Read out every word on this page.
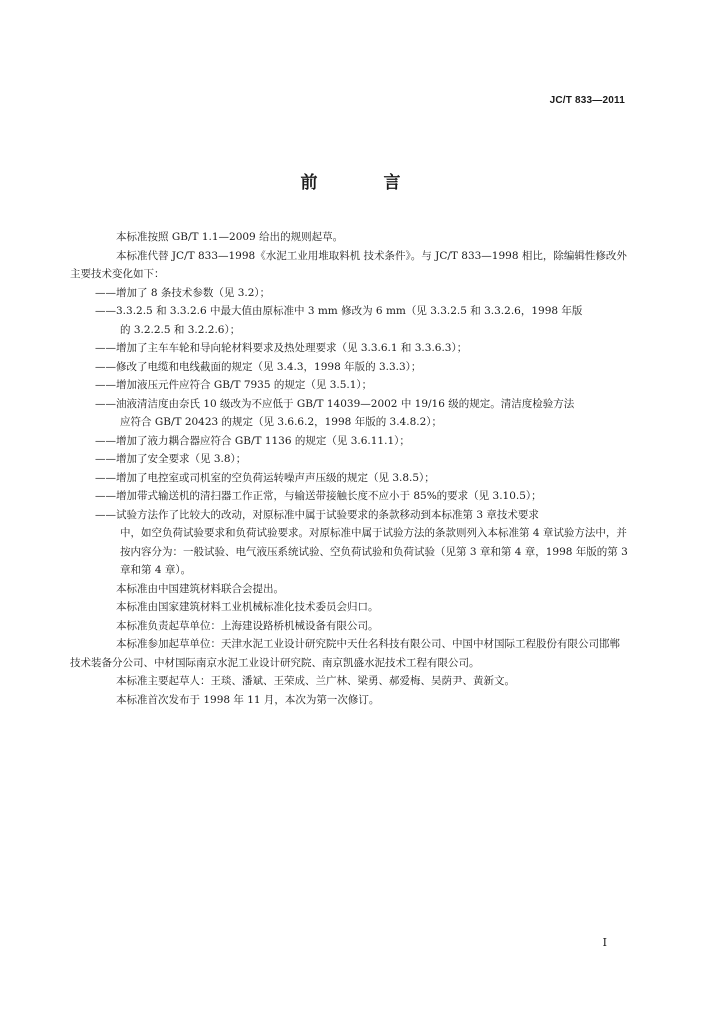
JC/T 833—2011
前 言

本标准按照 GB/T 1.1—2009 给出的规则起草。

本标准代替 JC/T 833—1998《水泥工业用堆取料机 技术条件》。与 JC/T 833—1998 相比，除编辑性修改外主要技术变化如下：

——增加了 8 条技术参数（见 3.2）；
——3.3.2.5 和 3.3.2.6 中最大值由原标准中 3 mm 修改为 6 mm（见 3.3.2.5 和 3.3.2.6，1998 年版
的 3.2.2.5 和 3.2.2.6）；
——增加了主车车轮和导向轮材料要求及热处理要求（见 3.3.6.1 和 3.3.6.3）；
——修改了电缆和电线截面的规定（见 3.4.3，1998 年版的 3.3.3）；
——增加液压元件应符合 GB/T 7935 的规定（见 3.5.1）；
——油液清洁度由奈氏 10 级改为不应低于 GB/T 14039—2002 中 19/16 级的规定。清洁度检验方法
应符合 GB/T 20423 的规定（见 3.6.6.2，1998 年版的 3.4.8.2）；
——增加了液力耦合器应符合 GB/T 1136 的规定（见 3.6.11.1）；
——增加了安全要求（见 3.8）；
——增加了电控室或司机室的空负荷运转噪声声压级的规定（见 3.8.5）；
——增加带式输送机的清扫器工作正常，与输送带接触长度不应小于 85%的要求（见 3.10.5）；
——试验方法作了比较大的改动，对原标准中属于试验要求的条款移动到本标准第 3 章技术要求
中，如空负荷试验要求和负荷试验要求。对原标准中属于试验方法的条款则列入本标准第 4 章试验方法中，并按内容分为：一般试验、电气液压系统试验、空负荷试验和负荷试验（见第 3 章和第 4 章，1998 年版的第 3 章和第 4 章）。

本标准由中国建筑材料联合会提出。

本标准由国家建筑材料工业机械标准化技术委员会归口。

本标准负责起草单位：上海建设路桥机械设备有限公司。

本标准参加起草单位：天津水泥工业设计研究院中天仕名科技有限公司、中国中材国际工程股份有限公司邯郸技术装备分公司、中材国际南京水泥工业设计研究院、南京凯盛水泥技术工程有限公司。

本标准主要起草人：王琰、潘斌、王荣成、兰广林、梁勇、郝爱梅、吴荫尹、黄新文。

本标准首次发布于 1998 年 11 月，本次为第一次修订。

I
